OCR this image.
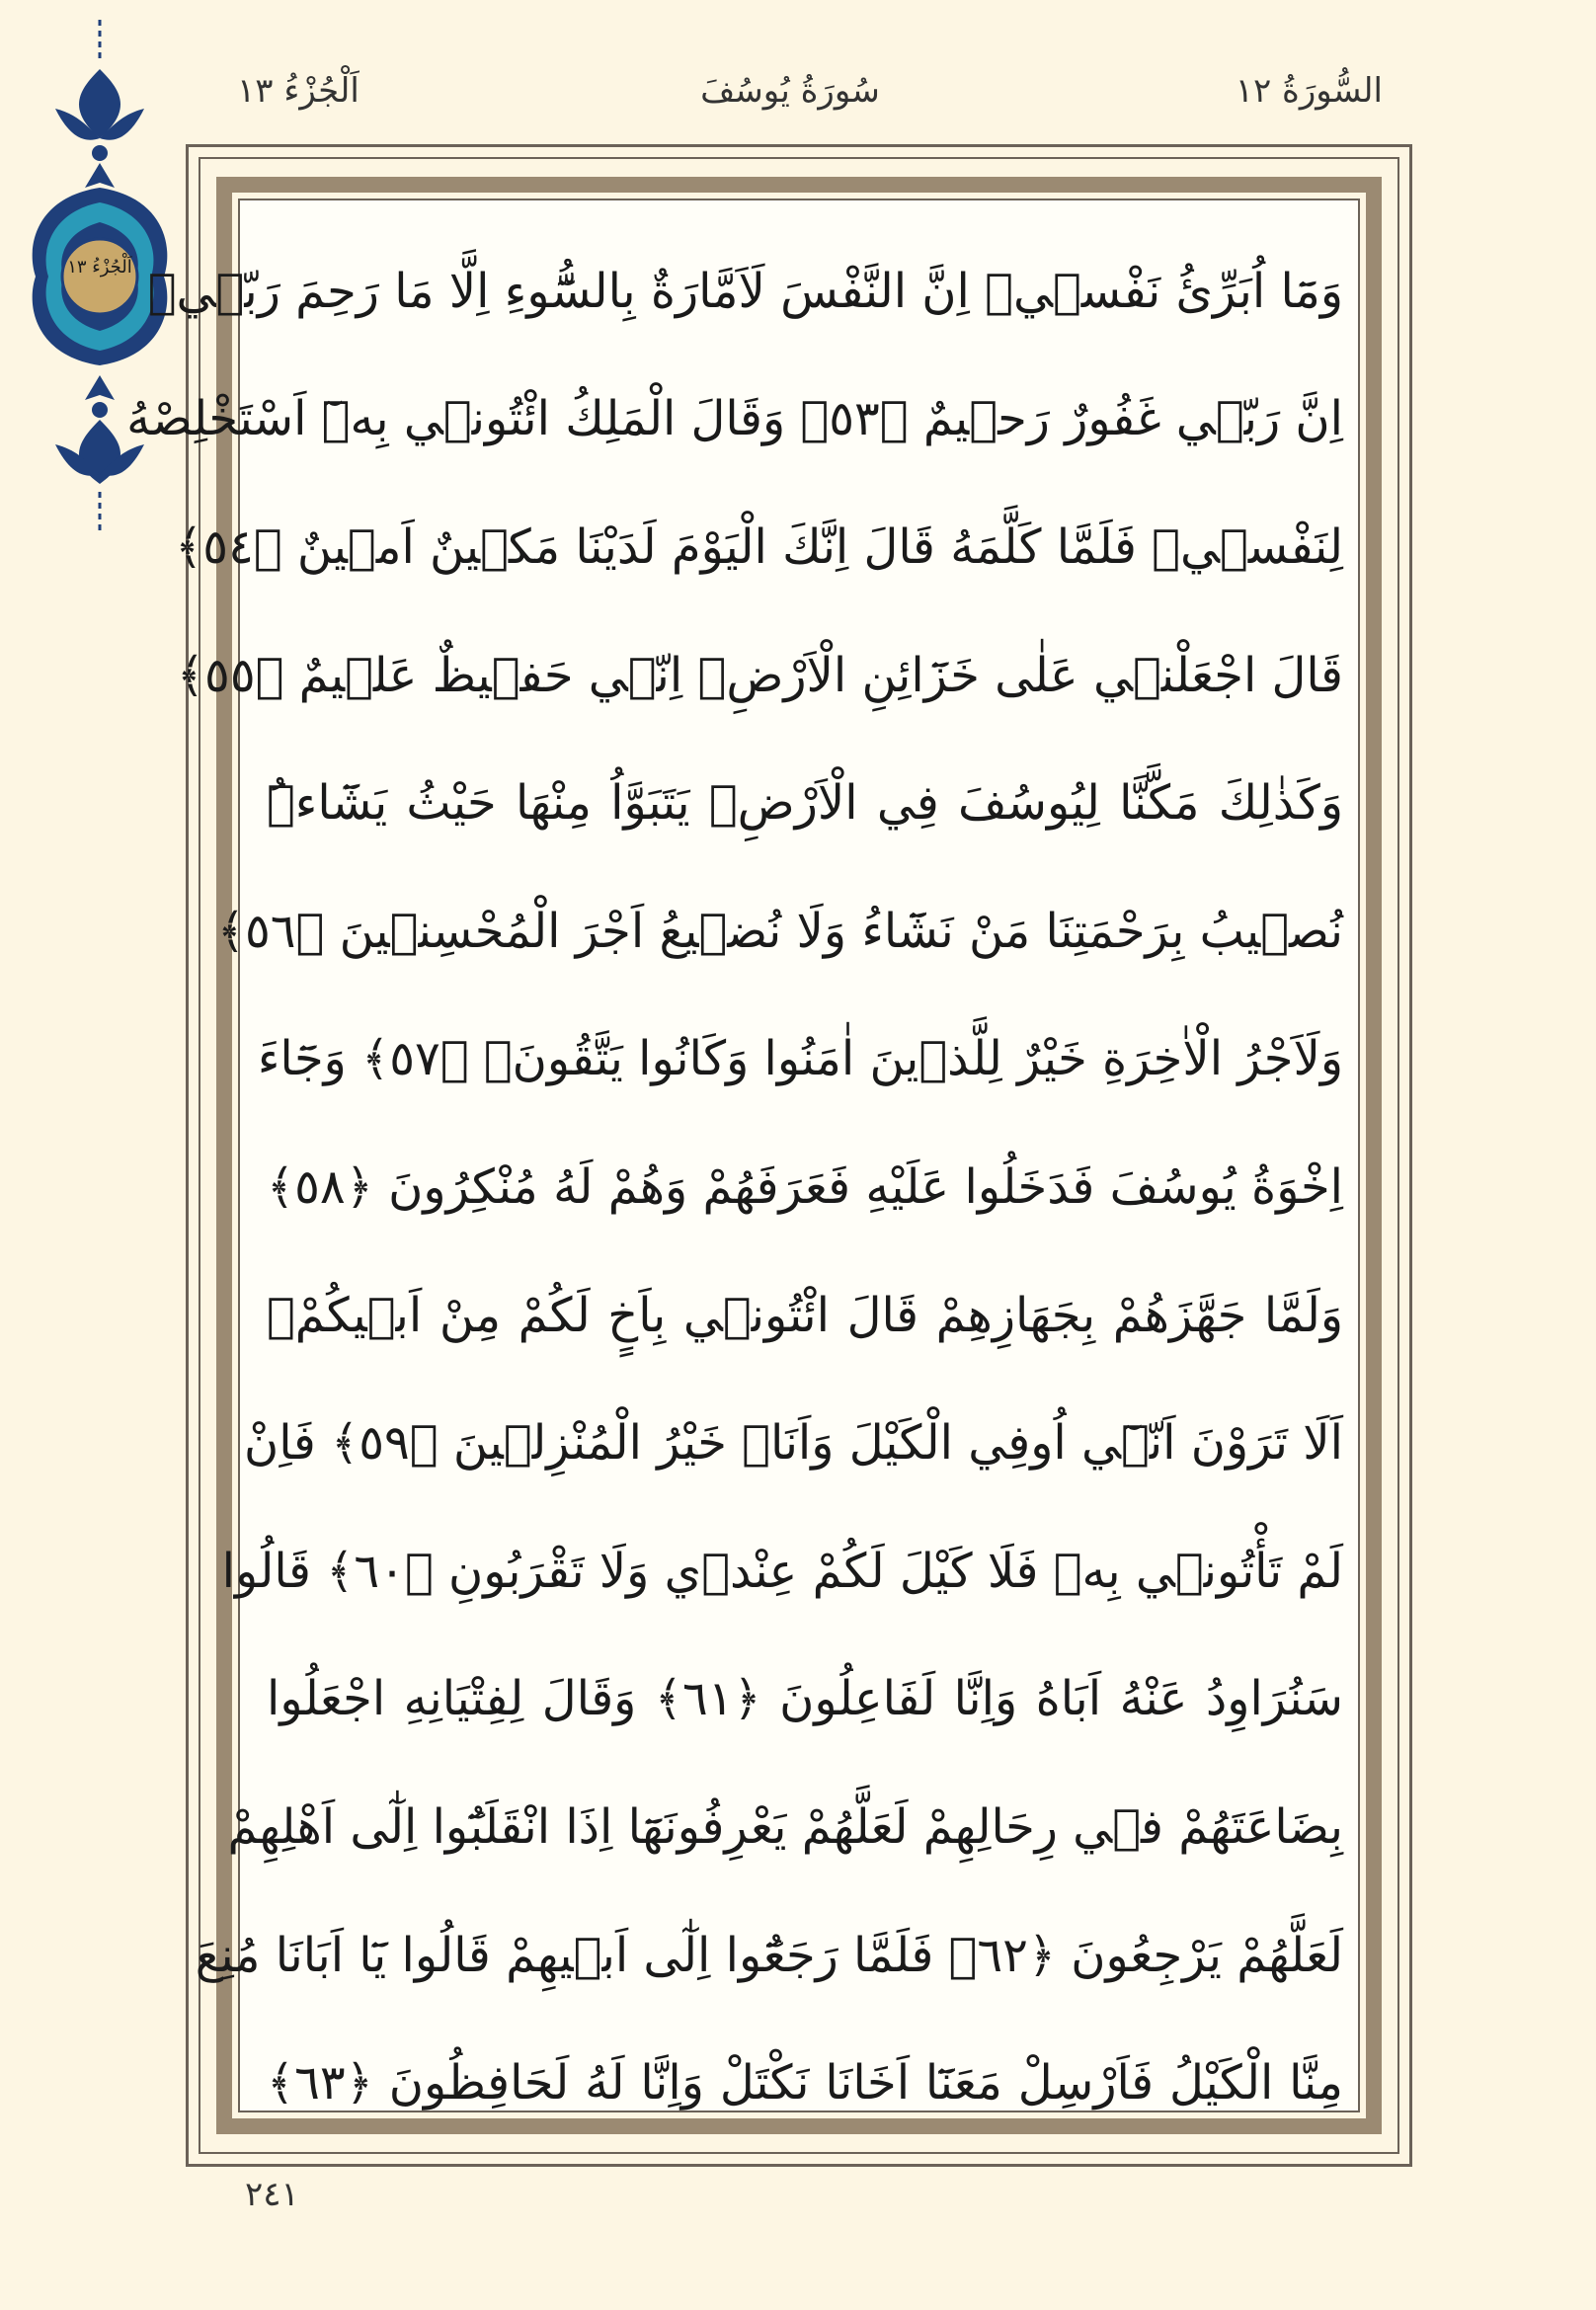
اَلْجُزْءُ ١٣	سُورَةُ يُوسُفَ	السُّورَةُ ١٢
اَلْجُزْءُ ١٣ وَمَٓا اُبَرِّئُ نَفْس۪يۚ اِنَّ النَّفْسَ لَاَمَّارَةٌ بِالسُّٓوءِ اِلَّا مَا رَحِمَ رَبّ۪يۜ
اِنَّ رَبّ۪ي غَفُورٌ رَح۪يمٌ ﴿٥٣﴾ وَقَالَ الْمَلِكُ ائْتُون۪ي بِه۪ٓ اَسْتَخْلِصْهُ
لِنَفْس۪يۚ فَلَمَّا كَلَّمَهُ قَالَ اِنَّكَ الْيَوْمَ لَدَيْنَا مَك۪ينٌ اَم۪ينٌ ﴿٥٤﴾
قَالَ اجْعَلْن۪ي عَلٰى خَزَٓائِنِ الْاَرْضِۚ اِنّ۪ي حَف۪يظٌ عَل۪يمٌ ﴿٥٥﴾
وَكَذٰلِكَ مَكَّنَّا لِيُوسُفَ فِي الْاَرْضِۚ يَتَبَوَّاُ مِنْهَا حَيْثُ يَشَٓاءُۜ
نُص۪يبُ بِرَحْمَتِنَا مَنْ نَشَٓاءُ وَلَا نُض۪يعُ اَجْرَ الْمُحْسِن۪ينَ ﴿٥٦﴾
وَلَاَجْرُ الْاٰخِرَةِ خَيْرٌ لِلَّذ۪ينَ اٰمَنُوا وَكَانُوا يَتَّقُونَ۟ ﴿٥٧﴾ وَجَٓاءَ
اِخْوَةُ يُوسُفَ فَدَخَلُوا عَلَيْهِ فَعَرَفَهُمْ وَهُمْ لَهُ مُنْكِرُونَ ﴿٥٨﴾
وَلَمَّا جَهَّزَهُمْ بِجَهَازِهِمْ قَالَ ائْتُون۪ي بِاَخٍ لَكُمْ مِنْ اَب۪يكُمْۚ
اَلَا تَرَوْنَ اَنّ۪ٓي اُوفِي الْكَيْلَ وَاَنَا۬ خَيْرُ الْمُنْزِل۪ينَ ﴿٥٩﴾ فَاِنْ
لَمْ تَأْتُون۪ي بِه۪ فَلَا كَيْلَ لَكُمْ عِنْد۪ي وَلَا تَقْرَبُونِ ﴿٦٠﴾ قَالُوا
سَنُرَاوِدُ عَنْهُ اَبَاهُ وَاِنَّا لَفَاعِلُونَ ﴿٦١﴾ وَقَالَ لِفِتْيَانِهِ اجْعَلُوا
بِضَاعَتَهُمْ ف۪ي رِحَالِهِمْ لَعَلَّهُمْ يَعْرِفُونَهَٓا اِذَا انْقَلَبُٓوا اِلٰٓى اَهْلِهِمْ
لَعَلَّهُمْ يَرْجِعُونَ ﴿٦٢﴾ فَلَمَّا رَجَعُٓوا اِلٰٓى اَب۪يهِمْ قَالُوا يَٓا اَبَانَا مُنِعَ
مِنَّا الْكَيْلُ فَاَرْسِلْ مَعَنَٓا اَخَانَا نَكْتَلْ وَاِنَّا لَهُ لَحَافِظُونَ ﴿٦٣﴾
٢٤١
